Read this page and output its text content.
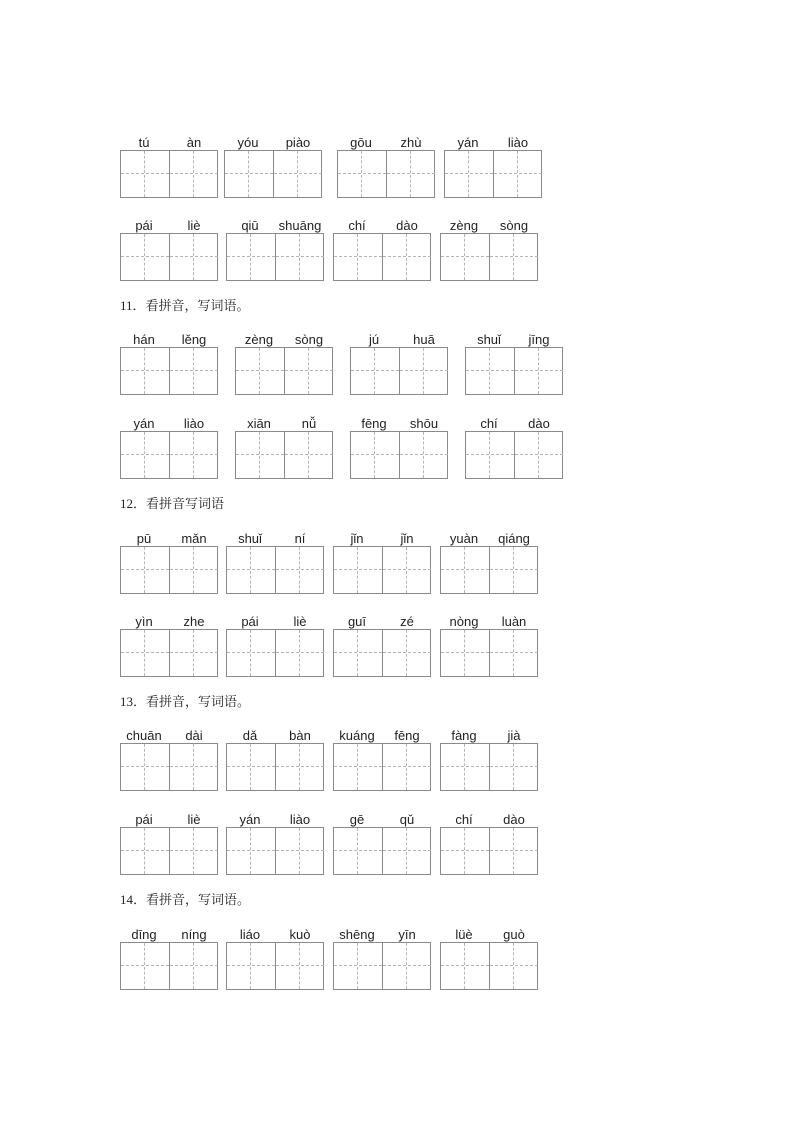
tú	àn	yóu	piào	gōu	zhù	yán	liào
pái	liè	qiū	shuāng	chí	dào	zèng	sòng
11．看拼音，写词语。
hán	lěng	zèng	sòng	jú	huā	shuǐ	jīng
yán	liào	xiān	nǚ	fēng	shōu	chí	dào
12．看拼音写词语
pū	mǎn	shuǐ	ní	jǐn	jǐn	yuàn	qiáng
yìn	zhe	pái	liè	guī	zé	nòng	luàn
13．看拼音，写词语。
chuān	dài	dǎ	bàn	kuáng	fēng	fàng	jià
pái	liè	yán	liào	gē	qǔ	chí	dào
14．看拼音，写词语。
dīng	níng	liáo	kuò	shēng	yīn	lüè	guò
